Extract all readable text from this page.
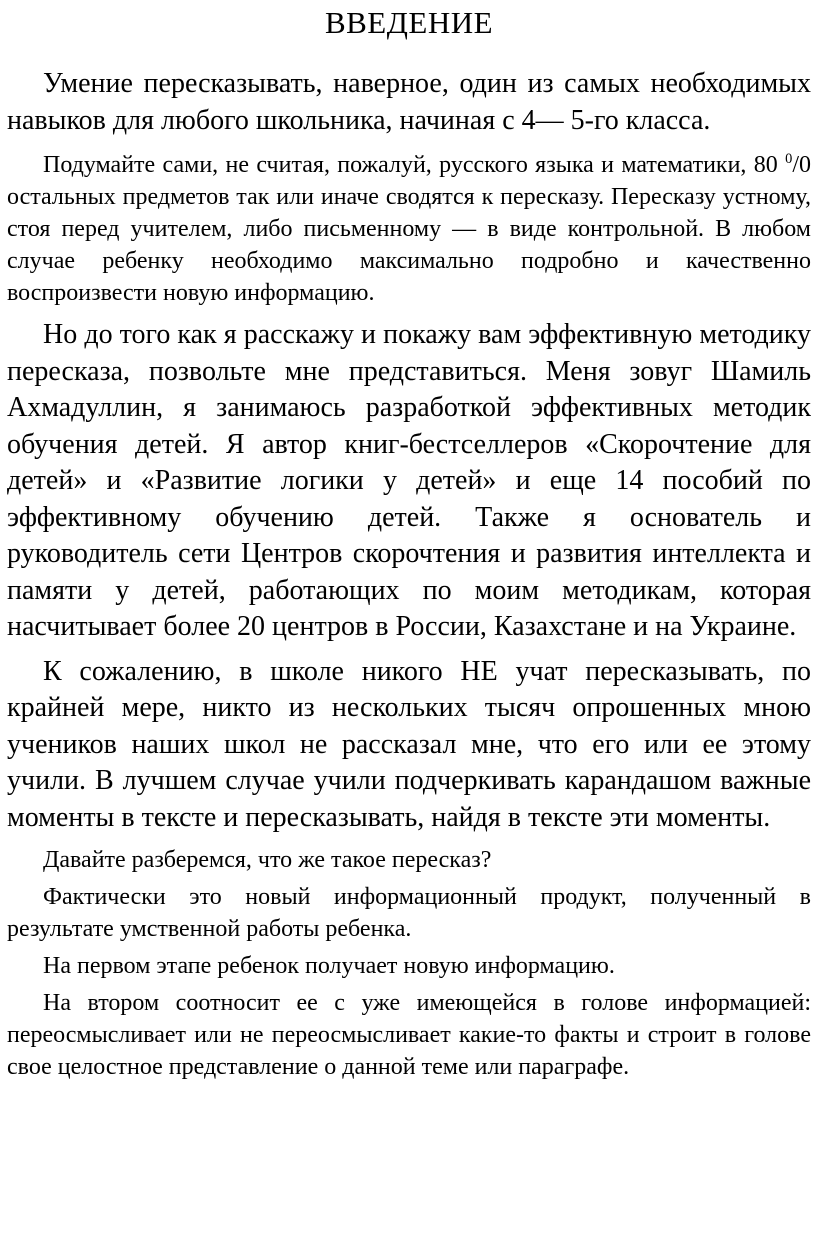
ВВЕДЕНИЕ

Умение пересказывать, наверное, один из самых необходимых навыков для любого школьника, начиная с 4— 5-го класса.

Подумайте сами, не считая, пожалуй, русского языка и математики, 80 $^0$/0 остальных предметов так или иначе сводятся к пересказу. Пересказу устному, стоя перед учителем, либо письменному — в виде контрольной. В любом случае ребенку необходимо максимально подробно и качественно воспроизвести новую информацию.

Но до того как я расскажу и покажу вам эффективную методику пересказа, позвольте мне представиться. Меня зовуг Шамиль Ахмадуллин, я занимаюсь разработкой эффективных методик обучения детей. Я автор книг-бестселлеров «Скорочтение для детей» и «Развитие логики у детей» и еще 14 пособий по эффективному обучению детей. Также я основатель и руководитель сети Центров скорочтения и развития интеллекта и памяти у детей, работающих по моим методикам, которая насчитывает более 20 центров в России, Казахстане и на Украине.

К сожалению, в школе никого НЕ учат пересказывать, по крайней мере, никто из нескольких тысяч опрошенных мною учеников наших школ не рассказал мне, что его или ее этому учили. В лучшем случае учили подчеркивать карандашом важные моменты в тексте и пересказывать, найдя в тексте эти моменты.

Давайте разберемся, что же такое пересказ?

Фактически это новый информационный продукт, полученный в результате умственной работы ребенка.

На первом этапе ребенок получает новую информацию.

На втором соотносит ее с уже имеющейся в голове информацией: переосмысливает или не переосмысливает какие-то факты и строит в голове свое целостное представление о данной теме или параграфе.
